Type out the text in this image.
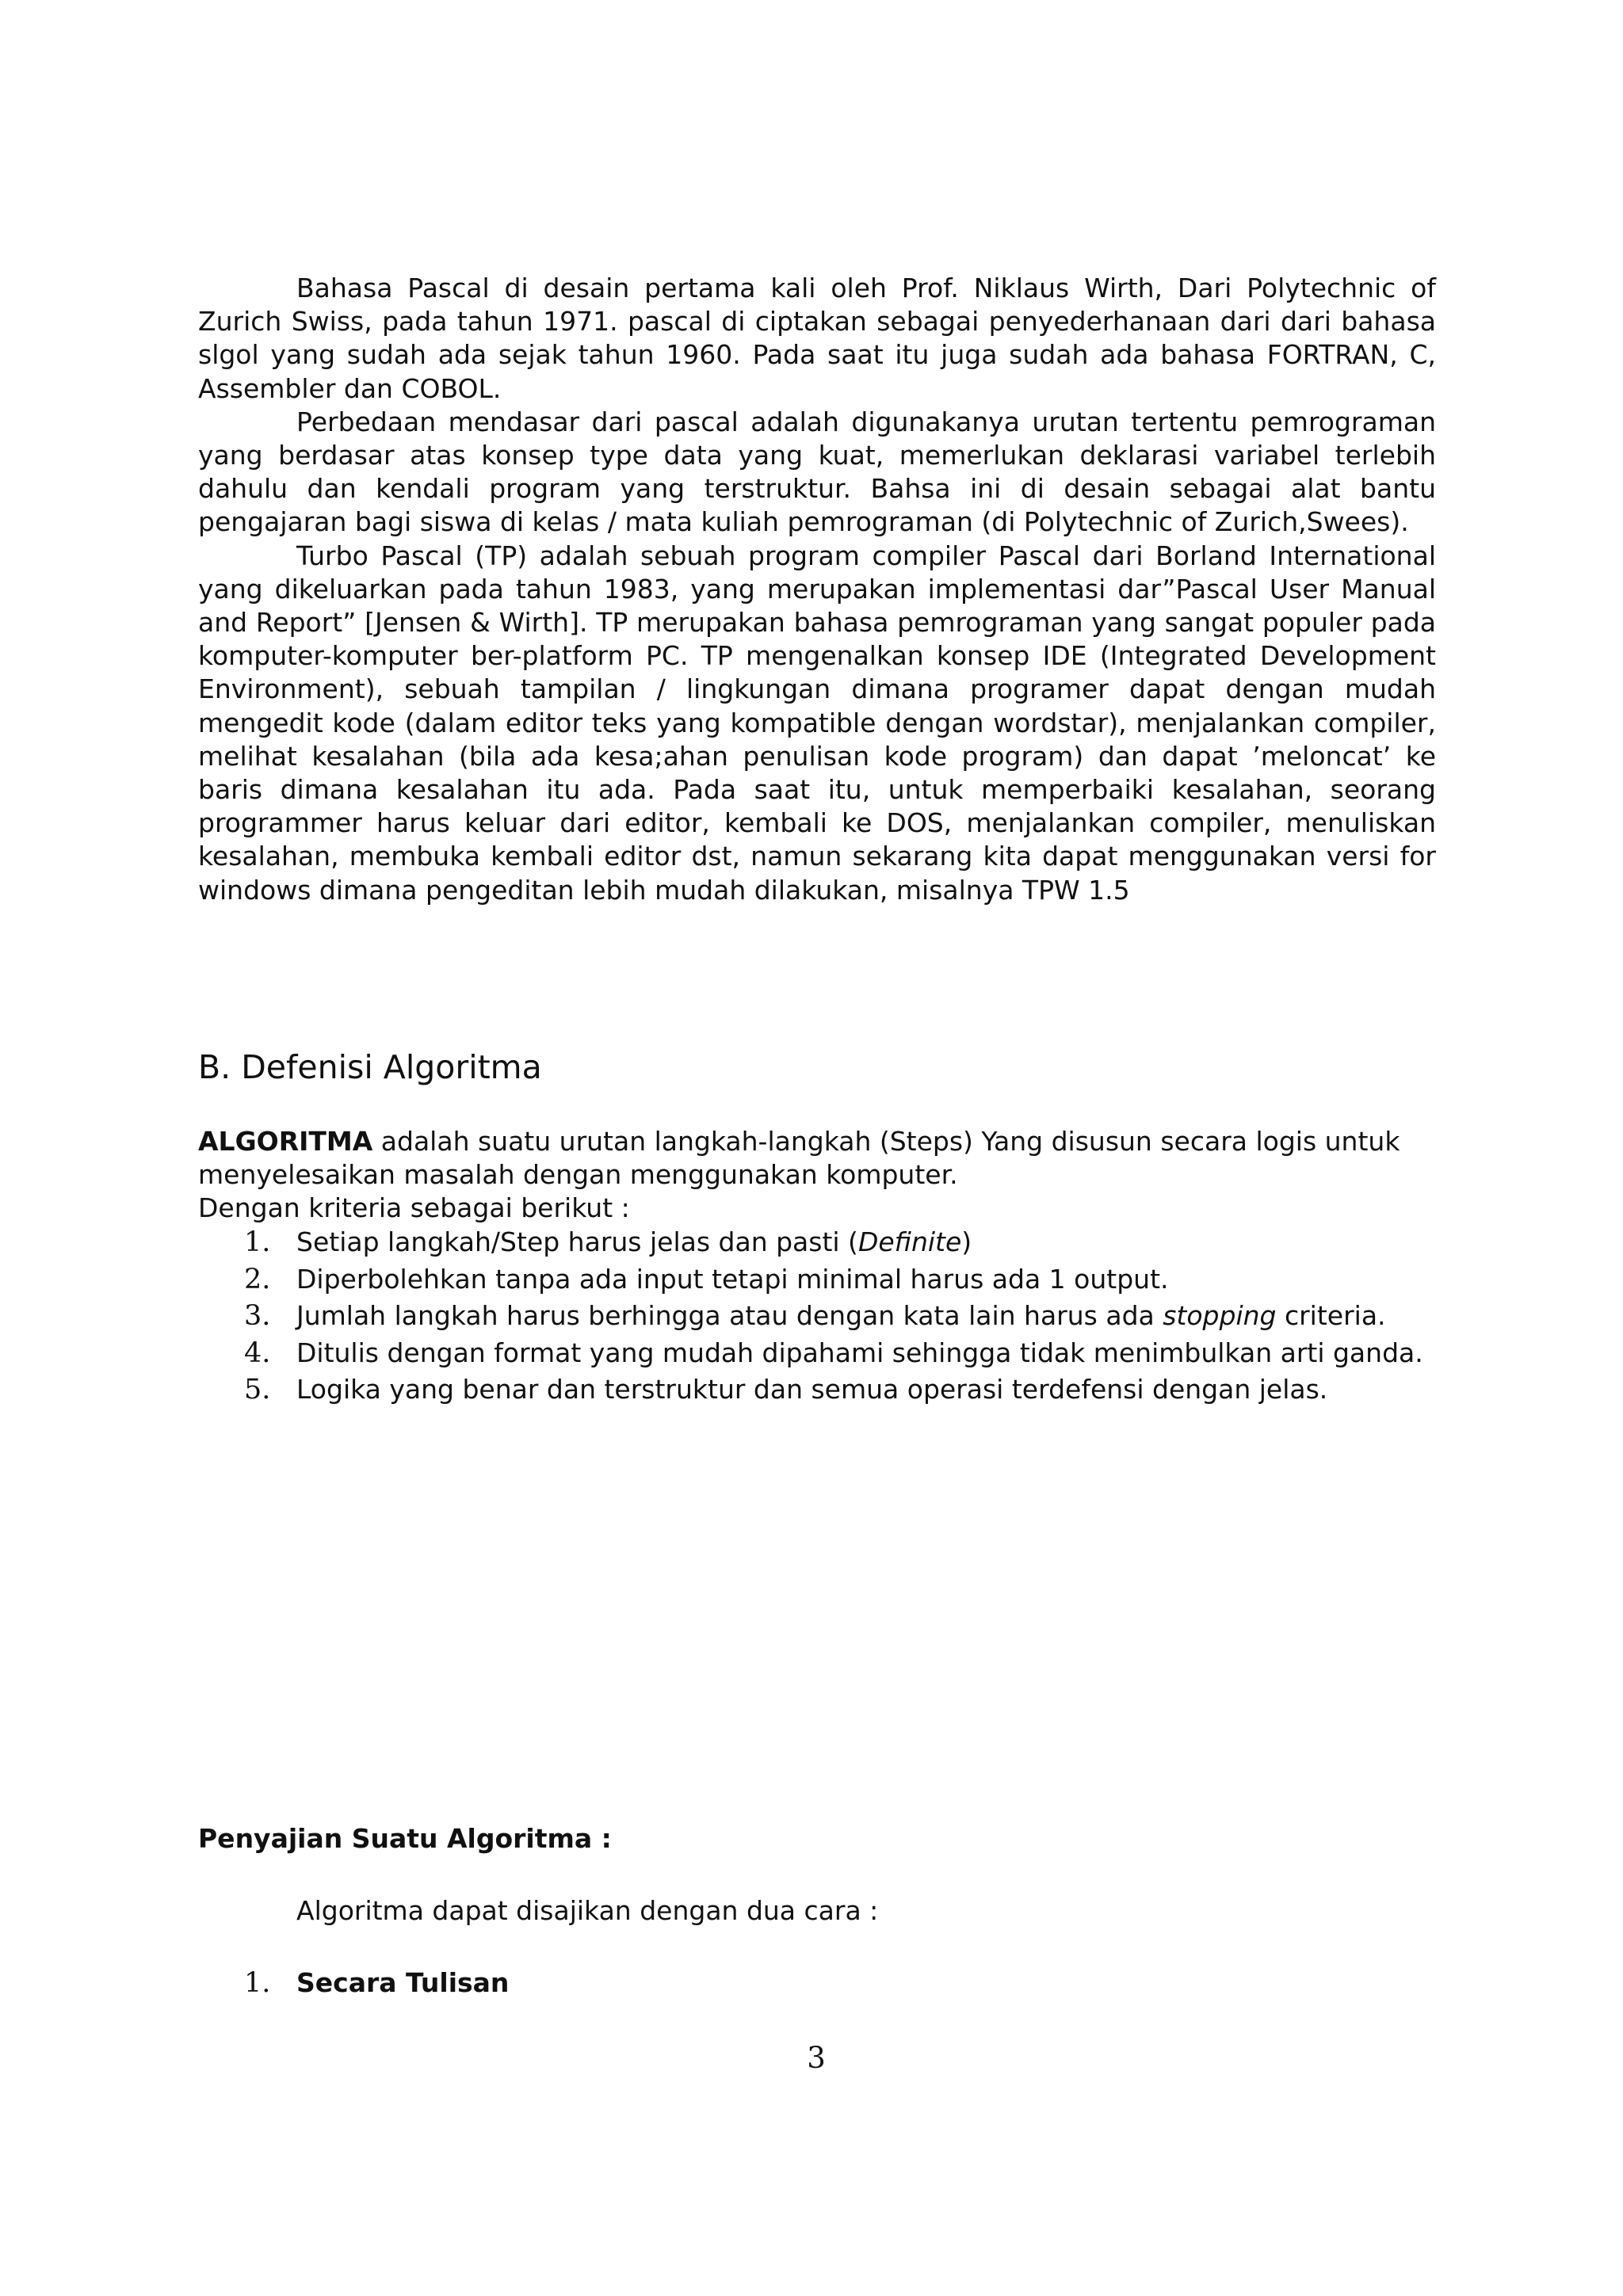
Bahasa Pascal di desain pertama kali oleh Prof. Niklaus Wirth, Dari Polytechnic of Zurich Swiss, pada tahun 1971. pascal di ciptakan sebagai penyederhanaan dari dari bahasa slgol yang sudah ada sejak tahun 1960. Pada saat itu juga sudah ada bahasa FORTRAN, C, Assembler dan COBOL.

Perbedaan mendasar dari pascal adalah digunakanya urutan tertentu pemrograman yang berdasar atas konsep type data yang kuat, memerlukan deklarasi variabel terlebih dahulu dan kendali program yang terstruktur. Bahsa ini di desain sebagai alat bantu pengajaran bagi siswa di kelas / mata kuliah pemrograman (di Polytechnic of Zurich,Swees).

Turbo Pascal (TP) adalah sebuah program compiler Pascal dari Borland International yang dikeluarkan pada tahun 1983, yang merupakan implementasi dar”Pascal User Manual and Report” [Jensen & Wirth]. TP merupakan bahasa pemrograman yang sangat populer pada komputer-komputer ber-platform PC. TP mengenalkan konsep IDE (Integrated Development Environment), sebuah tampilan / lingkungan dimana programer dapat dengan mudah mengedit kode (dalam editor teks yang kompatible dengan wordstar), menjalankan compiler, melihat kesalahan (bila ada kesa;ahan penulisan kode program) dan dapat ’meloncat’ ke baris dimana kesalahan itu ada. Pada saat itu, untuk memperbaiki kesalahan, seorang programmer harus keluar dari editor, kembali ke DOS, menjalankan compiler, menuliskan kesalahan, membuka kembali editor dst, namun sekarang kita dapat menggunakan versi for windows dimana pengeditan lebih mudah dilakukan, misalnya TPW 1.5

B. Defenisi Algoritma

ALGORITMA adalah suatu urutan langkah-langkah (Steps) Yang disusun secara logis untuk menyelesaikan masalah dengan menggunakan komputer.

Dengan kriteria sebagai berikut :

1. Setiap langkah/Step harus jelas dan pasti (Definite)
2. Diperbolehkan tanpa ada input tetapi minimal harus ada 1 output.
3. Jumlah langkah harus berhingga atau dengan kata lain harus ada stopping criteria.
4. Ditulis dengan format yang mudah dipahami sehingga tidak menimbulkan arti ganda.
5. Logika yang benar dan terstruktur dan semua operasi terdefensi dengan jelas.

Penyajian Suatu Algoritma :

Algoritma dapat disajikan dengan dua cara :

1. Secara Tulisan
3
